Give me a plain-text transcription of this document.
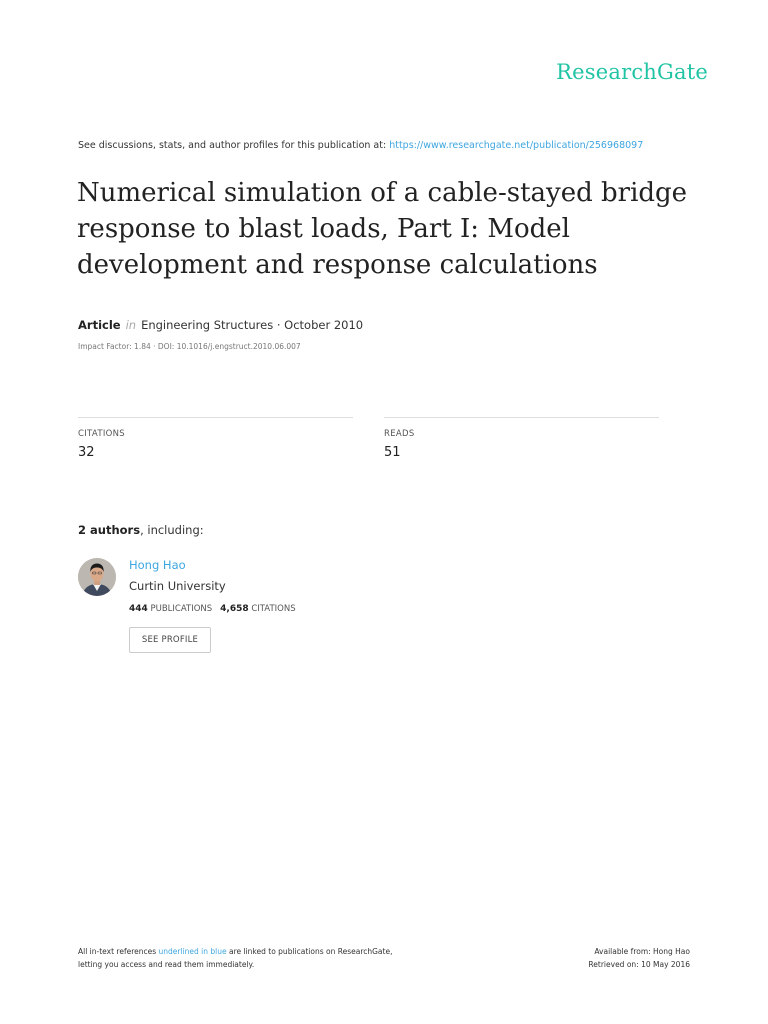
ResearchGate
See discussions, stats, and author profiles for this publication at: https://www.researchgate.net/publication/256968097
Numerical simulation of a cable-stayed bridge response to blast loads, Part I: Model development and response calculations
Article in Engineering Structures · October 2010
Impact Factor: 1.84 · DOI: 10.1016/j.engstruct.2010.06.007
CITATIONS
32
READS
51
2 authors, including:
Hong Hao
Curtin University
444 PUBLICATIONS 4,658 CITATIONS
SEE PROFILE
All in-text references underlined in blue are linked to publications on ResearchGate,
letting you access and read them immediately.
Available from: Hong Hao
Retrieved on: 10 May 2016
